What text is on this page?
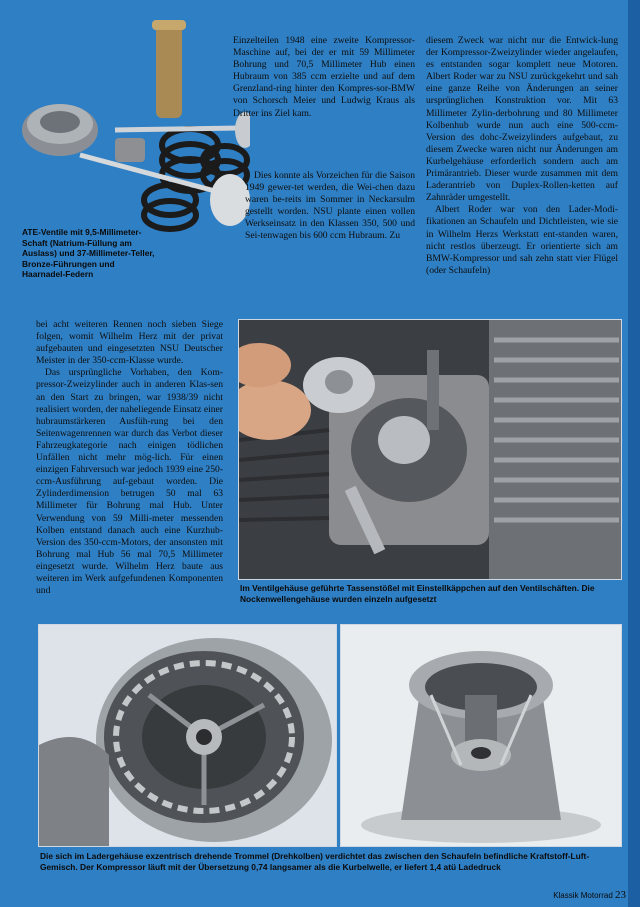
ATE-Ventile mit 9,5-Millimeter-Schaft (Natrium-Füllung am Auslass) und 37-Millimeter-Teller, Bronze-Führungen und Haarnadel-Federn

Einzelteilen 1948 eine zweite Kompressor-Maschine auf, bei der er mit 59 Millimeter Bohrung und 70,5 Millimeter Hub einen Hubraum von 385 ccm erzielte und auf dem Grenzland-ring hinter den Kompres-sor-BMW von Schorsch Meier und Ludwig Kraus als Dritter ins Ziel kam.

Dies konnte als Vorzeichen für die Saison 1949 gewer-tet werden, die Wei-chen dazu waren be-reits im Sommer in Neckarsulm gestellt worden. NSU plante einen vollen Werkseinsatz in den Klassen 350, 500 und Sei-tenwagen bis 600 ccm Hubraum. Zu

diesem Zweck war nicht nur die Entwick-lung der Kompressor-Zweizylinder wieder angelaufen, es entstanden sogar komplett neue Motoren. Albert Roder war zu NSU zurückgekehrt und sah eine ganze Reihe von Änderungen an seiner ursprünglichen Konstruktion vor. Mit 63 Millimeter Zylin-derbohrung und 80 Millimeter Kolbenhub wurde nun auch eine 500-ccm-Version des dohc-Zweizylinders aufgebaut, zu diesem Zwecke waren nicht nur Änderungen am Kurbelgehäuse erforderlich sondern auch am Primärantrieb. Dieser wurde zusammen mit dem Laderantrieb von Duplex-Rollen-ketten auf Zahnräder umgestellt.

Albert Roder war von den Lader-Modi-fikationen an Schaufeln und Dichtleisten, wie sie in Wilhelm Herzs Werkstatt ent-standen waren, nicht restlos überzeugt. Er orientierte sich am BMW-Kompressor und sah zehn statt vier Flügel (oder Schaufeln)

bei acht weiteren Rennen noch sieben Siege folgen, womit Wilhelm Herz mit der privat aufgebauten und eingesetzten NSU Deutscher Meister in der 350-ccm-Klasse wurde.

Das ursprüngliche Vorhaben, den Kom-pressor-Zweizylinder auch in anderen Klas-sen an den Start zu bringen, war 1938/39 nicht realisiert worden, der naheliegende Einsatz einer hubraumstärkeren Ausfüh-rung bei den Seitenwagenrennen war durch das Verbot dieser Fahrzeugkategorie nach einigen tödlichen Unfällen nicht mehr mög-lich. Für einen einzigen Fahrversuch war jedoch 1939 eine 250-ccm-Ausführung auf-gebaut worden. Die Zylinderdimension betrugen 50 mal 63 Millimeter für Bohrung mal Hub. Unter Verwendung von 59 Milli-meter messenden Kolben entstand danach auch eine Kurzhub-Version des 350-ccm-Motors, der ansonsten mit Bohrung mal Hub 56 mal 70,5 Millimeter eingesetzt wurde. Wilhelm Herz baute aus weiteren im Werk aufgefundenen Komponenten und	Im Ventilgehäuse geführte Tassenstößel mit Einstellkäppchen auf den Ventilschäften. Die Nockenwellengehäuse wurden einzeln aufgesetzt
Die sich im Ladergehäuse exzentrisch drehende Trommel (Drehkolben) verdichtet das zwischen den Schaufeln befindliche Kraftstoff-Luft-Gemisch. Der Kompressor läuft mit der Übersetzung 0,74 langsamer als die Kurbelwelle, er liefert 1,4 atü Ladedruck
Klassik Motorrad 23
